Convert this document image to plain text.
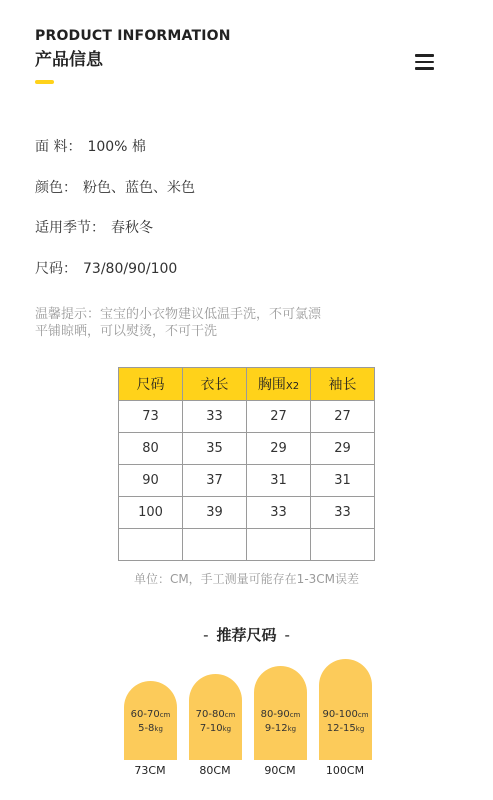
PRODUCT INFORMATION
产品信息
面 料： 100% 棉
颜色： 粉色、蓝色、米色
适用季节： 春秋冬
尺码： 73/80/90/100
温馨提示：宝宝的小衣物建议低温手洗，不可氯漂
平铺晾晒，可以熨烫，不可干洗
尺码	衣长	胸围X2	袖长
73	33	27	27
80	35	29	29
90	37	31	31
100	39	33	33

单位：CM，手工测量可能存在1-3CM误差
- 推荐尺码 -
60-70cm
5-8kg
70-80cm
7-10kg
80-90cm
9-12kg
90-100cm
12-15kg
73CM	80CM	90CM	100CM
